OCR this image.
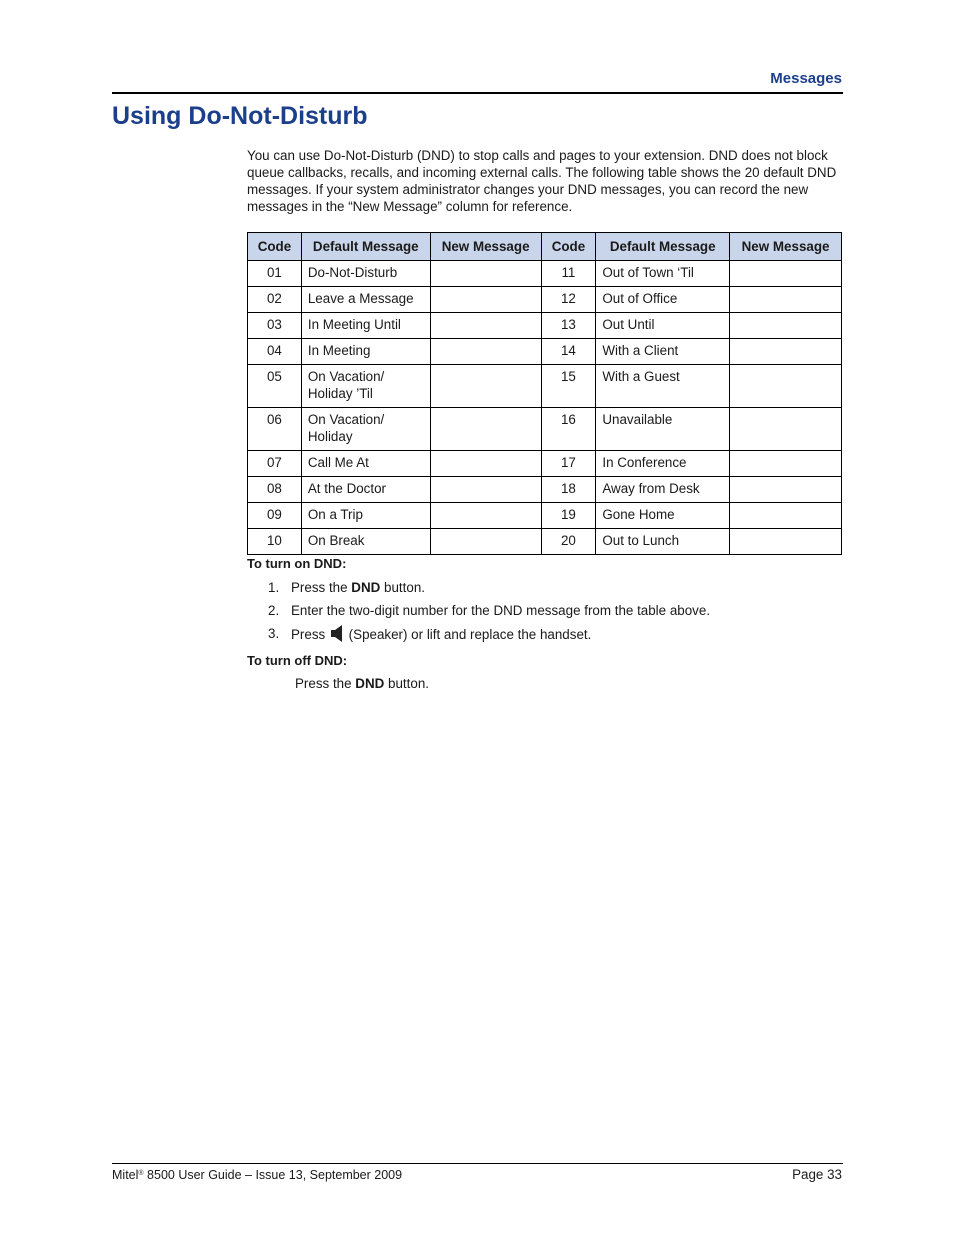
Messages
Using Do-Not-Disturb

You can use Do-Not-Disturb (DND) to stop calls and pages to your extension. DND does not block queue callbacks, recalls, and incoming external calls. The following table shows the 20 default DND messages. If your system administrator changes your DND messages, you can record the new messages in the “New Message” column for reference.

Code	Default Message	New Message	Code	Default Message	New Message
01	Do-Not-Disturb		11	Out of Town ‘Til	
02	Leave a Message		12	Out of Office	
03	In Meeting Until		13	Out Until	
04	In Meeting		14	With a Client	
05	On Vacation/
Holiday ’Til		15	With a Guest	
06	On Vacation/
Holiday		16	Unavailable	
07	Call Me At		17	In Conference	
08	At the Doctor		18	Away from Desk	
09	On a Trip		19	Gone Home	
10	On Break		20	Out to Lunch	

To turn on DND:

1. Press the DND button.
2. Enter the two-digit number for the DND message from the table above.
3. Press  (Speaker) or lift and replace the handset.

To turn off DND:

Press the DND button.

Mitel® 8500 User Guide – Issue 13, September 2009	Page 33
